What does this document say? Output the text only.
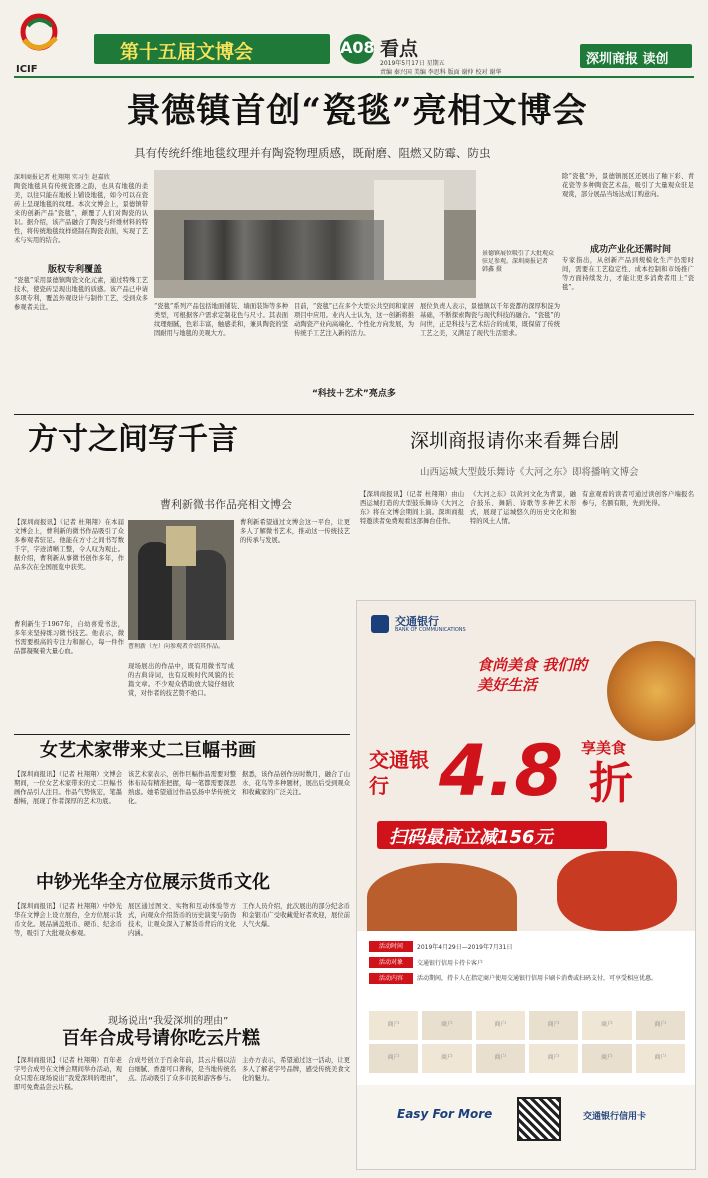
ICIF
第十五届文博会	A08 看点
2019年5月17日 星期五
责编 秦兴国 美编 李思科 版面 谢仲 校对 谢华
深圳商报 读创
景德镇首创“瓷毯”亮相文博会
具有传统纤维地毯纹理并有陶瓷物理质感，既耐磨、阻燃又防霉、防虫
深圳商报记者 杜翔翔 实习生 赵嘉欣
陶瓷地毯具有传统瓷器之韵，也具有地毯的柔美，以往只能在地板上铺设地毯，如今可以在瓷砖上呈现地毯的纹理。本次文博会上，景德镇带来的创新产品“瓷毯”，颠覆了人们对陶瓷的认识。据介绍，该产品融合了陶瓷与纤维材料的特性，将传统地毯纹样烧制在陶瓷表面，实现了艺术与实用的结合。
版权专利覆盖
“瓷毯”采用景德镇陶瓷文化元素，通过特殊工艺技术，使瓷砖呈现出地毯的质感。该产品已申请多项专利，覆盖外观设计与制作工艺，受到众多参观者关注。
景德镇展位吸引了大批观众驻足参观。深圳商报记者 韩鑫 摄
“瓷毯”系列产品包括地面铺装、墙面装饰等多种类型，可根据客户需求定制花色与尺寸。其表面纹理细腻，色彩丰富，触感柔和，兼具陶瓷的坚固耐用与地毯的美观大方。
目前，“瓷毯”已在多个大型公共空间和家居项目中应用。业内人士认为，这一创新将推动陶瓷产业向高端化、个性化方向发展，为传统手工艺注入新的活力。
“科技＋艺术”亮点多
展位负责人表示，景德镇以千年瓷都的深厚积淀为基础，不断探索陶瓷与现代科技的融合。“瓷毯”的问世，正是科技与艺术结合的成果，既保留了传统工艺之美，又满足了现代生活需求。
除“瓷毯”外，景德镇展区还展出了釉下彩、青花瓷等多种陶瓷艺术品，吸引了大量观众驻足观赏，部分展品当场达成订购意向。
成功产业化还需时间
专家指出，从创新产品到规模化生产仍需时间，需要在工艺稳定性、成本控制和市场推广等方面持续发力，才能让更多消费者用上“瓷毯”。
方寸之间写千言
曹利新微书作品亮相文博会
【深圳商报讯】（记者 杜翔翔）在本届文博会上，曹利新的微书作品吸引了众多参观者驻足。他能在方寸之间书写数千字，字迹清晰工整，令人叹为观止。据介绍，曹利新从事微书创作多年，作品多次在全国展览中获奖。
曹利新生于1967年，自幼喜爱书法，多年来坚持练习微书技艺。他表示，微书需要极高的专注力和耐心，每一件作品都凝聚着大量心血。
曹利新（左）向参观者介绍其作品。
现场展出的作品中，既有用微书写成的古典诗词，也有反映时代风貌的长篇文章。不少观众借助放大镜仔细欣赏，对作者的技艺赞不绝口。
曹利新希望通过文博会这一平台，让更多人了解微书艺术，推动这一传统技艺的传承与发展。
深圳商报请你来看舞台剧
山西运城大型鼓乐舞诗《大河之东》即将播响文博会
【深圳商报讯】（记者 杜翔翔）由山西运城打造的大型鼓乐舞诗《大河之东》将在文博会期间上演。深圳商报特邀读者免费观看这部舞台佳作。
《大河之东》以黄河文化为背景，融合鼓乐、舞蹈、诗歌等多种艺术形式，展现了运城悠久的历史文化和独特的风土人情。
有意观看的读者可通过读创客户端报名参与，名额有限，先到先得。
女艺术家带来丈二巨幅书画
【深圳商报讯】（记者 杜翔翔）文博会期间，一位女艺术家带来的丈二巨幅书画作品引人注目。作品气势恢宏，笔墨酣畅，展现了作者深厚的艺术功底。
该艺术家表示，创作巨幅作品需要对整体布局有精准把握，每一笔都需要深思熟虑。她希望通过作品弘扬中华传统文化。
据悉，该作品创作历时数月，融合了山水、花鸟等多种题材，展出后受到观众和收藏家的广泛关注。
中钞光华全方位展示货币文化
【深圳商报讯】（记者 杜翔翔）中钞光华在文博会上设立展台，全方位展示货币文化。展品涵盖纸币、硬币、纪念币等，吸引了大批观众参观。
展区通过图文、实物和互动体验等方式，向观众介绍货币的历史演变与防伪技术，让观众深入了解货币背后的文化内涵。
工作人员介绍，此次展出的部分纪念币和金银币广受收藏爱好者欢迎，展位前人气火爆。
现场说出“我爱深圳的理由”
百年合成号请你吃云片糕
【深圳商报讯】（记者 杜翔翔）百年老字号合成号在文博会期间举办活动，观众只需在现场说出“我爱深圳的理由”，即可免费品尝云片糕。
合成号创立于百余年前，其云片糕以洁白细腻、香甜可口著称，是当地传统名点。活动吸引了众多市民和游客参与。
主办方表示，希望通过这一活动，让更多人了解老字号品牌，感受传统美食文化的魅力。
交通银行
BANK OF COMMUNICATIONS
食尚美食 我们的美好生活
交通银行 4.8 享美食
折
扫码最高立减156元
活动时间	2019年4月29日—2019年7月31日
活动对象	交通银行信用卡持卡客户
活动内容	活动期间，持卡人在指定商户使用交通银行信用卡刷卡消费或扫码支付，可享受相应优惠。
商户	商户	商户	商户	商户	商户
商户	商户	商户	商户	商户	商户
Easy For More	交通银行信用卡
